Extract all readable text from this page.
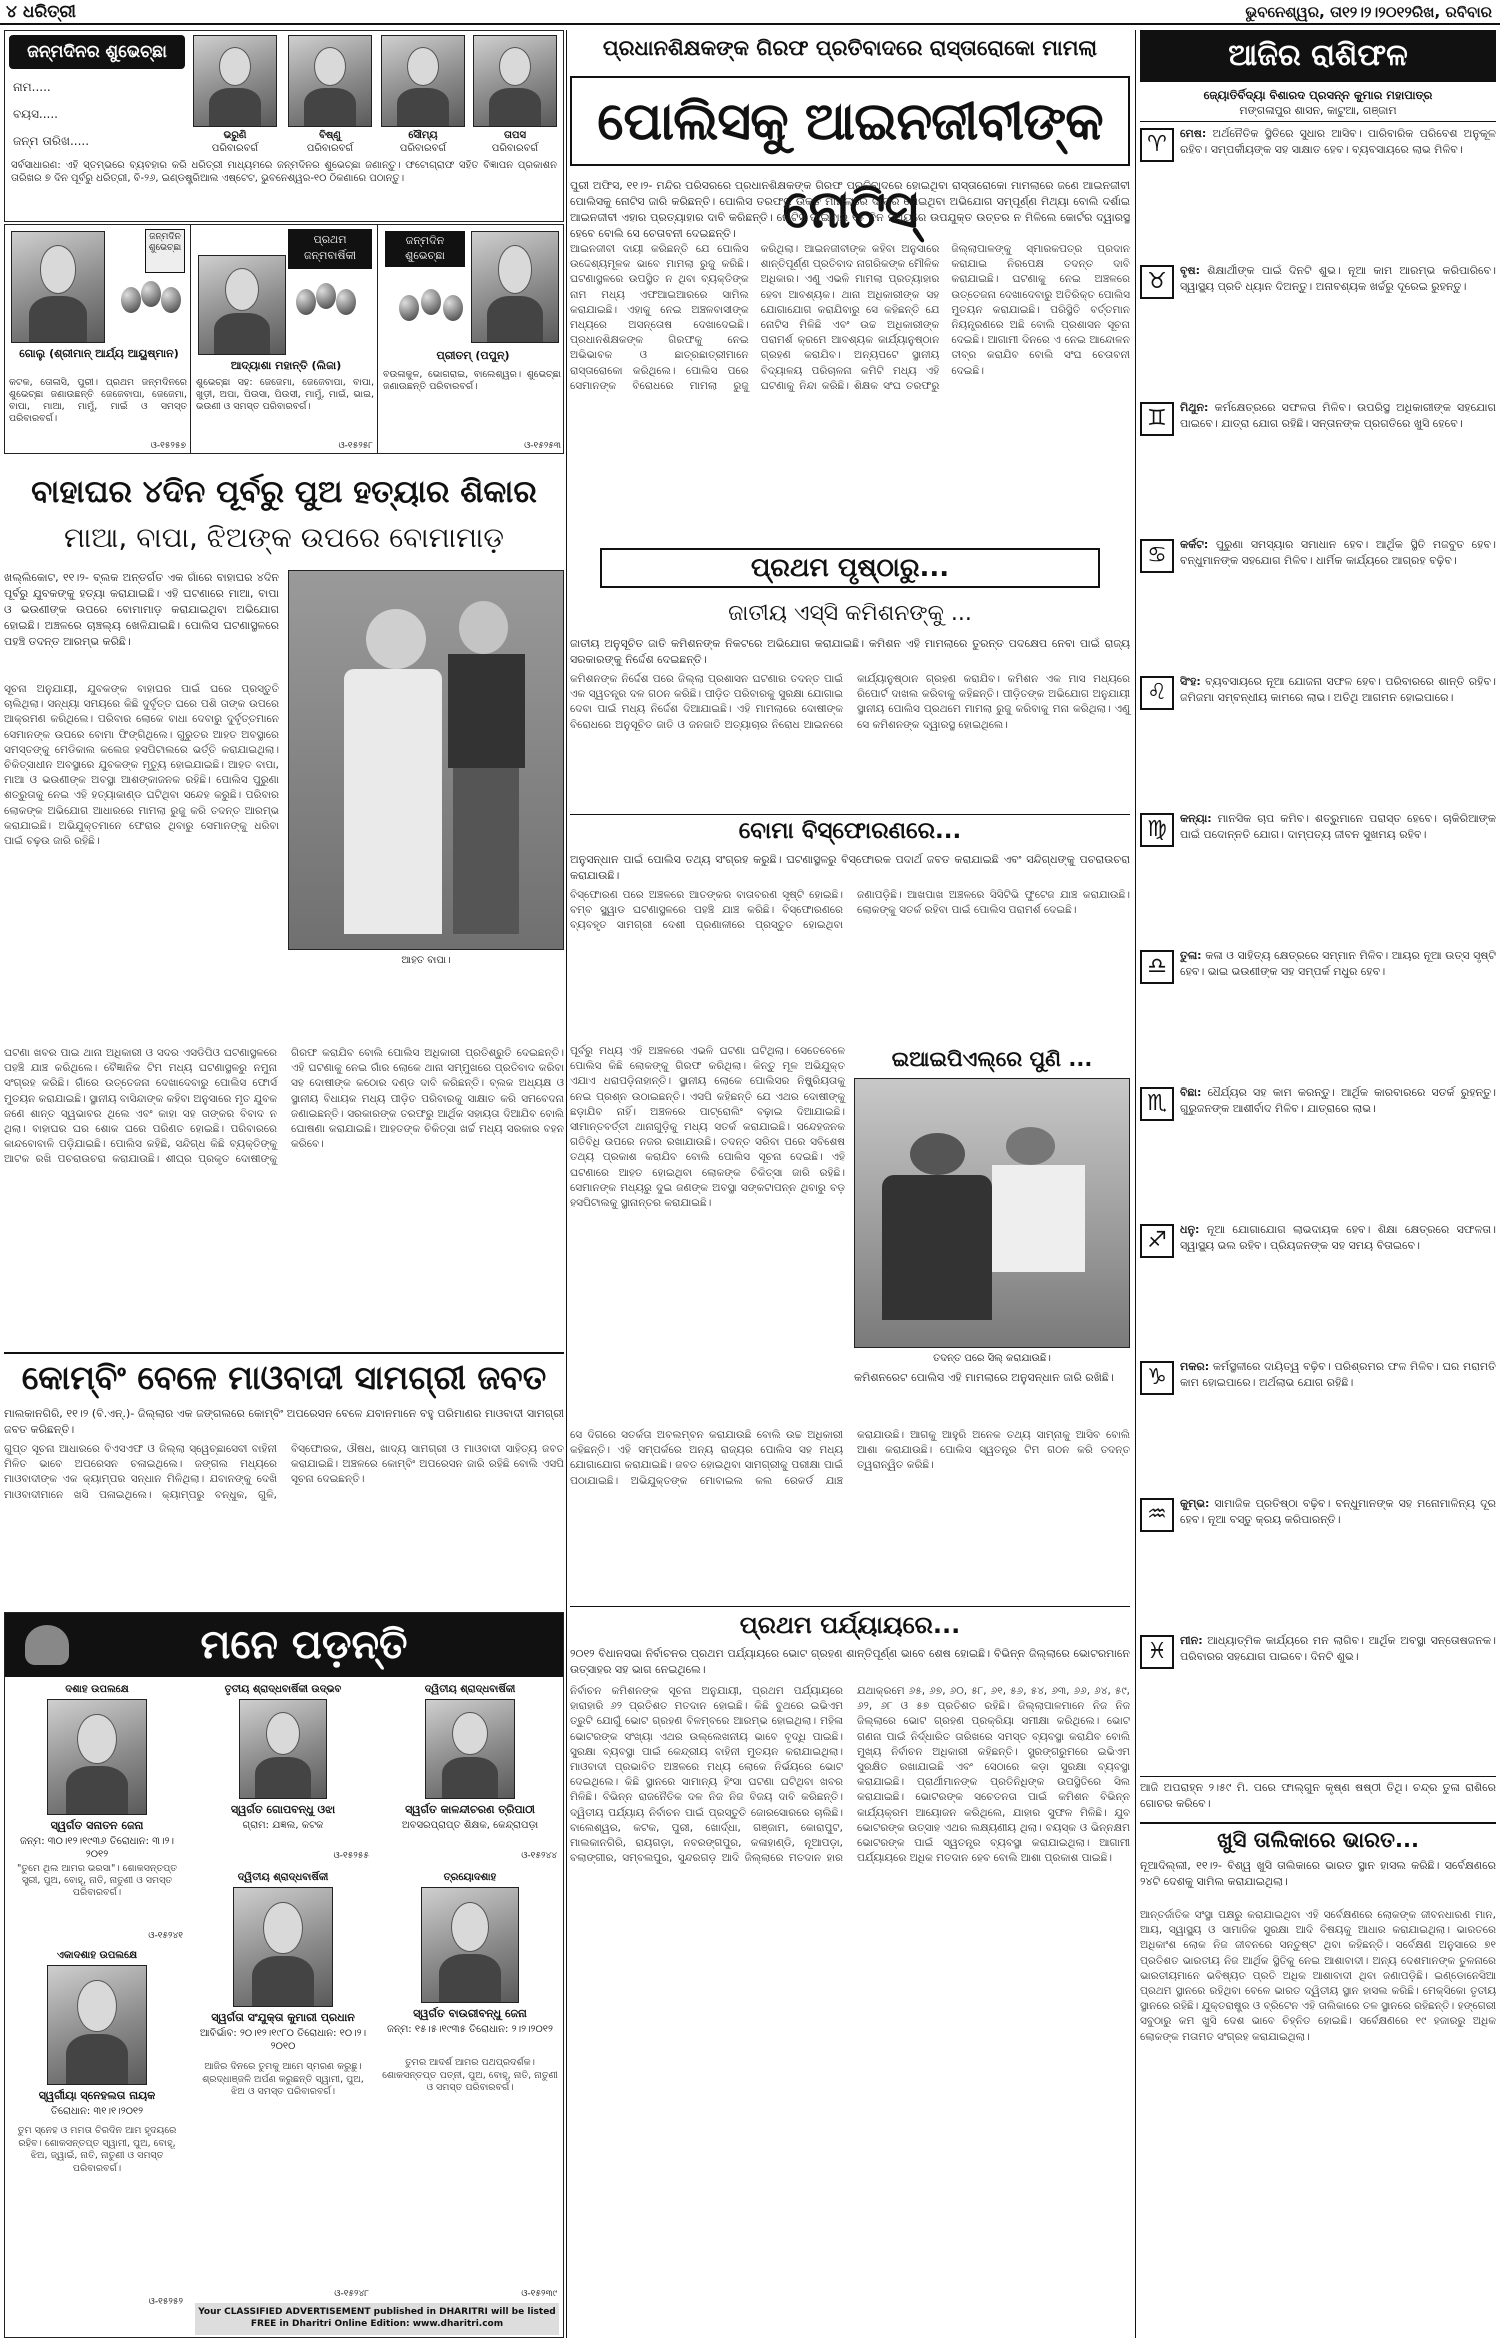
୪ ଧରିତ୍ରୀ	ଭୁବନେଶ୍ୱର, ତା୧୨।୨।୨୦୧୨ରିଖ, ରବିବାର
ଜନ୍ମଦିନର ଶୁଭେଚ୍ଛା
ନାମ.....
ବୟସ.....
ଜନ୍ମ ତାରିଖ.....	ଭରୁଣି
ପରିବାରବର୍ଗ
ବିଷ୍ଣୁ
ପରିବାରବର୍ଗ
ସୌମ୍ୟ
ପରିବାରବର୍ଗ
ତାପସ
ପରିବାରବର୍ଗ
ସର୍ବସାଧାରଣ: ଏହି ସ୍ତମ୍ଭରେ ବ୍ୟବହାର କରି ଧରିତ୍ରୀ ମାଧ୍ୟମରେ ଜନ୍ମଦିନର ଶୁଭେଚ୍ଛା ଜଣାନ୍ତୁ। ଫଟୋଗ୍ରାଫ ସହିତ ବିଜ୍ଞାପନ ପ୍ରକାଶନ ତାରିଖର ୭ ଦିନ ପୂର୍ବରୁ ଧରିତ୍ରୀ, ବି-୨୬, ଇଣ୍ଡଷ୍ଟ୍ରିଆଲ ଏଷ୍ଟେଟ, ଭୁବନେଶ୍ୱର-୧୦ ଠିକଣାରେ ପଠାନ୍ତୁ।
ଜନ୍ମଦିନ ଶୁଭେଚ୍ଛା
ଗୋଲୁ (ଶ୍ରୀମାନ୍ ଆର୍ଯ୍ୟ ଆୟୁଷ୍ମାନ)
କଟକ, ତୋଳାସି, ପୁରୀ। ପ୍ରଥମ ଜନ୍ମଦିନରେ ଶୁଭେଚ୍ଛା ଜଣାଉଛନ୍ତି ଜେଜେବାପା, ଜେଜେମା, ବାପା, ମାଆ, ମାମୁଁ, ମାଇଁ ଓ ସମସ୍ତ ପରିବାରବର୍ଗ।
ଓ-୧୫୨୫୭
ପ୍ରଥମ ଜନ୍ମବାର୍ଷିକୀ
ଆଦ୍ୟାଶା ମହାନ୍ତି (ଲିଜା)
ଶୁଭେଚ୍ଛା ସହ: ଜେଜେମା, ଜେଜେବାପା, ବାପା, ଖୁଡ଼ୀ, ଅପା, ପିଉସା, ପିଉସୀ, ମାମୁଁ, ମାଇଁ, ଭାଇ, ଭଉଣୀ ଓ ସମସ୍ତ ପରିବାରବର୍ଗ।
ଓ-୧୫୨୫୮
ଜନ୍ମଦିନ ଶୁଭେଚ୍ଛା
ପ୍ରୀତମ୍ (ପପୁନ୍)
ବଉଳାକୁଳ, ଭୋଗରାଇ, ବାଲେଶ୍ୱର। ଶୁଭେଚ୍ଛା ଜଣାଉଛନ୍ତି ପରିବାରବର୍ଗ।
ଓ-୧୫୨୫୩
ପ୍ରଧାନଶିକ୍ଷକଙ୍କ ଗିରଫ ପ୍ରତିବାଦରେ ରାସ୍ତାରୋକୋ ମାମଲା
ପୋଲିସକୁ ଆଇନଜୀବୀଙ୍କ ନୋଟିସ୍
ପୁରୀ ଅଫିସ, ୧୧।୨- ମନ୍ଦିର ପରିସରରେ ପ୍ରଧାନଶିକ୍ଷକଙ୍କ ଗିରଫ ପ୍ରତିବାଦରେ ହୋଇଥିବା ରାସ୍ତାରୋକୋ ମାମଲାରେ ଜଣେ ଆଇନଜୀବୀ ପୋଲିସକୁ ନୋଟିସ ଜାରି କରିଛନ୍ତି। ପୋଲିସ ତରଫରୁ ଉକ୍ତ ମାମଲାରେ ଦାୟର ହୋଇଥିବା ଅଭିଯୋଗ ସମ୍ପୂର୍ଣ୍ଣ ମିଥ୍ୟା ବୋଲି ଦର୍ଶାଇ ଆଇନଜୀବୀ ଏହାର ପ୍ରତ୍ୟାହାର ଦାବି କରିଛନ୍ତି। ନୋଟିସ ପାଇବାର ୧୫ ଦିନ ମଧ୍ୟରେ ଉପଯୁକ୍ତ ଉତ୍ତର ନ ମିଳିଲେ କୋର୍ଟର ଦ୍ୱାରସ୍ଥ ହେବେ ବୋଲି ସେ ଚେତାବନୀ ଦେଇଛନ୍ତି।
ଆଇନଜୀବୀ ଦାୟୀ କରିଛନ୍ତି ଯେ ପୋଲିସ ଉଦ୍ଦେଶ୍ୟମୂଳକ ଭାବେ ମାମଲା ରୁଜୁ କରିଛି। ଘଟଣାସ୍ଥଳରେ ଉପସ୍ଥିତ ନ ଥିବା ବ୍ୟକ୍ତିଙ୍କ ନାମ ମଧ୍ୟ ଏଫଆଇଆରରେ ସାମିଲ କରାଯାଇଛି। ଏହାକୁ ନେଇ ଅଞ୍ଚଳବାସୀଙ୍କ ମଧ୍ୟରେ ଅସନ୍ତୋଷ ଦେଖାଦେଇଛି। ପ୍ରଧାନଶିକ୍ଷକଙ୍କ ଗିରଫକୁ ନେଇ ଅଭିଭାବକ ଓ ଛାତ୍ରଛାତ୍ରୀମାନେ ରାସ୍ତାରୋକୋ କରିଥିଲେ। ପୋଲିସ ପରେ ସେମାନଙ୍କ ବିରୋଧରେ ମାମଲା ରୁଜୁ କରିଥିଲା। ଆଇନଜୀବୀଙ୍କ କହିବା ଅନୁସାରେ ଶାନ୍ତିପୂର୍ଣ୍ଣ ପ୍ରତିବାଦ ନାଗରିକଙ୍କ ମୌଳିକ ଅଧିକାର। ଏଣୁ ଏଭଳି ମାମଲା ପ୍ରତ୍ୟାହାର ହେବା ଆବଶ୍ୟକ। ଥାନା ଅଧିକାରୀଙ୍କ ସହ ଯୋଗାଯୋଗ କରାଯିବାରୁ ସେ କହିଛନ୍ତି ଯେ ନୋଟିସ ମିଳିଛି ଏବଂ ଉଚ୍ଚ ଅଧିକାରୀଙ୍କ ପରାମର୍ଶ କ୍ରମେ ଆବଶ୍ୟକ କାର୍ଯ୍ୟାନୁଷ୍ଠାନ ଗ୍ରହଣ କରାଯିବ। ଅନ୍ୟପଟେ ସ୍ଥାନୀୟ ବିଦ୍ୟାଳୟ ପରିଚାଳନା କମିଟି ମଧ୍ୟ ଏହି ଘଟଣାକୁ ନିନ୍ଦା କରିଛି। ଶିକ୍ଷକ ସଂଘ ତରଫରୁ ଜିଲ୍ଲାପାଳଙ୍କୁ ସ୍ମାରକପତ୍ର ପ୍ରଦାନ କରାଯାଇ ନିରପେକ୍ଷ ତଦନ୍ତ ଦାବି କରାଯାଇଛି। ଘଟଣାକୁ ନେଇ ଅଞ୍ଚଳରେ ଉତ୍ତେଜନା ଦେଖାଦେବାରୁ ଅତିରିକ୍ତ ପୋଲିସ ମୁତୟନ କରାଯାଇଛି। ପରିସ୍ଥିତି ବର୍ତ୍ତମାନ ନିୟନ୍ତ୍ରଣରେ ଅଛି ବୋଲି ପ୍ରଶାସନ ସୂଚନା ଦେଇଛି। ଆଗାମୀ ଦିନରେ ଏ ନେଇ ଆନ୍ଦୋଳନ ତୀବ୍ର କରାଯିବ ବୋଲି ସଂଘ ଚେତାବନୀ ଦେଇଛି।
ଆଜିର ରାଶିଫଳ
ଜ୍ୟୋତିର୍ବିଦ୍ୟା ବିଶାରଦ ପ୍ରସନ୍ନ କୁମାର ମହାପାତ୍ର
ମଙ୍ଗଳାପୁର ଶାସନ, କାଟୁଆ, ଗଞ୍ଜାମ
♈	ମେଷ: ଅର୍ଥନୈତିକ ସ୍ଥିତିରେ ସୁଧାର ଆସିବ। ପାରିବାରିକ ପରିବେଶ ଅନୁକୂଳ ରହିବ। ସମ୍ପର୍କୀୟଙ୍କ ସହ ସାକ୍ଷାତ ହେବ। ବ୍ୟବସାୟରେ ଲାଭ ମିଳିବ।
♉	ବୃଷ: ଶିକ୍ଷାର୍ଥୀଙ୍କ ପାଇଁ ଦିନଟି ଶୁଭ। ନୂଆ କାମ ଆରମ୍ଭ କରିପାରିବେ। ସ୍ୱାସ୍ଥ୍ୟ ପ୍ରତି ଧ୍ୟାନ ଦିଅନ୍ତୁ। ଅନାବଶ୍ୟକ ଖର୍ଚ୍ଚରୁ ଦୂରେଇ ରୁହନ୍ତୁ।
♊	ମିଥୁନ: କର୍ମକ୍ଷେତ୍ରରେ ସଫଳତା ମିଳିବ। ଉପରିସ୍ଥ ଅଧିକାରୀଙ୍କ ସହଯୋଗ ପାଇବେ। ଯାତ୍ରା ଯୋଗ ରହିଛି। ସନ୍ତାନଙ୍କ ପ୍ରଗତିରେ ଖୁସି ହେବେ।
♋	କର୍କଟ: ପୁରୁଣା ସମସ୍ୟାର ସମାଧାନ ହେବ। ଆର୍ଥିକ ସ୍ଥିତି ମଜବୁତ ହେବ। ବନ୍ଧୁମାନଙ୍କ ସହଯୋଗ ମିଳିବ। ଧାର୍ମିକ କାର୍ଯ୍ୟରେ ଆଗ୍ରହ ବଢ଼ିବ।
♌	ସିଂହ: ବ୍ୟବସାୟରେ ନୂଆ ଯୋଜନା ସଫଳ ହେବ। ପରିବାରରେ ଶାନ୍ତି ରହିବ। ଜମିଜମା ସମ୍ବନ୍ଧୀୟ କାମରେ ଲାଭ। ଅତିଥି ଆଗମନ ହୋଇପାରେ।
♍	କନ୍ୟା: ମାନସିକ ଚାପ କମିବ। ଶତ୍ରୁମାନେ ପରାସ୍ତ ହେବେ। ଚାକିରିଆଙ୍କ ପାଇଁ ପଦୋନ୍ନତି ଯୋଗ। ଦାମ୍ପତ୍ୟ ଜୀବନ ସୁଖମୟ ରହିବ।
♎	ତୁଳା: କଳା ଓ ସାହିତ୍ୟ କ୍ଷେତ୍ରରେ ସମ୍ମାନ ମିଳିବ। ଆୟର ନୂଆ ଉତ୍ସ ସୃଷ୍ଟି ହେବ। ଭାଇ ଭଉଣୀଙ୍କ ସହ ସମ୍ପର୍କ ମଧୁର ହେବ।
♏	ବିଛା: ଧୈର୍ଯ୍ୟର ସହ କାମ କରନ୍ତୁ। ଆର୍ଥିକ କାରବାରରେ ସତର୍କ ରୁହନ୍ତୁ। ଗୁରୁଜନଙ୍କ ଆଶୀର୍ବାଦ ମିଳିବ। ଯାତ୍ରାରେ ଲାଭ।
♐	ଧନୁ: ନୂଆ ଯୋଗାଯୋଗ ଲାଭଦାୟକ ହେବ। ଶିକ୍ଷା କ୍ଷେତ୍ରରେ ସଫଳତା। ସ୍ୱାସ୍ଥ୍ୟ ଭଲ ରହିବ। ପ୍ରିୟଜନଙ୍କ ସହ ସମୟ ବିତାଇବେ।
♑	ମକର: କର୍ମସ୍ଥଳୀରେ ଦାୟିତ୍ୱ ବଢ଼ିବ। ପରିଶ୍ରମର ଫଳ ମିଳିବ। ଘର ମରାମତି କାମ ହୋଇପାରେ। ଅର୍ଥଲାଭ ଯୋଗ ରହିଛି।
♒	କୁମ୍ଭ: ସାମାଜିକ ପ୍ରତିଷ୍ଠା ବଢ଼ିବ। ବନ୍ଧୁମାନଙ୍କ ସହ ମନୋମାଳିନ୍ୟ ଦୂର ହେବ। ନୂଆ ବସ୍ତୁ କ୍ରୟ କରିପାରନ୍ତି।
♓	ମୀନ: ଆଧ୍ୟାତ୍ମିକ କାର୍ଯ୍ୟରେ ମନ ଲାଗିବ। ଆର୍ଥିକ ଅବସ୍ଥା ସନ୍ତୋଷଜନକ। ପରିବାରର ସହଯୋଗ ପାଇବେ। ଦିନଟି ଶୁଭ।
ଆଜି ଅପରାହ୍ନ ୨।୫୯ ମି. ପରେ ଫାଲ୍ଗୁନ କୃଷ୍ଣ ଷଷ୍ଠୀ ତିଥି। ଚନ୍ଦ୍ର ତୁଳା ରାଶିରେ ଗୋଚର କରିବେ।
ବାହାଘର ୪ଦିନ ପୂର୍ବରୁ ପୁଅ ହତ୍ୟାର ଶିକାର
ମାଆ, ବାପା, ଝିଅଙ୍କ ଉପରେ ବୋମାମାଡ଼
ଖଲ୍ଲିକୋଟ, ୧୧।୨- ବ୍ଲକ ଅନ୍ତର୍ଗତ ଏକ ଗାଁରେ ବାହାଘର ୪ଦିନ ପୂର୍ବରୁ ଯୁବକଙ୍କୁ ହତ୍ୟା କରାଯାଇଛି। ଏହି ଘଟଣାରେ ମାଆ, ବାପା ଓ ଭଉଣୀଙ୍କ ଉପରେ ବୋମାମାଡ଼ କରାଯାଇଥିବା ଅଭିଯୋଗ ହୋଇଛି। ଅଞ୍ଚଳରେ ଚାଞ୍ଚଲ୍ୟ ଖେଳିଯାଇଛି। ପୋଲିସ ଘଟଣାସ୍ଥଳରେ ପହଞ୍ଚି ତଦନ୍ତ ଆରମ୍ଭ କରିଛି।
ସୂଚନା ଅନୁଯାୟୀ, ଯୁବକଙ୍କ ବାହାଘର ପାଇଁ ଘରେ ପ୍ରସ୍ତୁତି ଚାଲିଥିଲା। ସନ୍ଧ୍ୟା ସମୟରେ କିଛି ଦୁର୍ବୃତ୍ତ ଘରେ ପଶି ତାଙ୍କ ଉପରେ ଆକ୍ରମଣ କରିଥିଲେ। ପରିବାର ଲୋକେ ବାଧା ଦେବାରୁ ଦୁର୍ବୃତ୍ତମାନେ ସେମାନଙ୍କ ଉପରେ ବୋମା ଫିଙ୍ଗିଥିଲେ। ଗୁରୁତର ଆହତ ଅବସ୍ଥାରେ ସମସ୍ତଙ୍କୁ ମେଡିକାଲ କଲେଜ ହସପିଟାଲରେ ଭର୍ତ୍ତି କରାଯାଇଥିଲା। ଚିକିତ୍ସାଧୀନ ଅବସ୍ଥାରେ ଯୁବକଙ୍କ ମୃତ୍ୟୁ ହୋଇଯାଇଛି। ଆହତ ବାପା, ମାଆ ଓ ଭଉଣୀଙ୍କ ଅବସ୍ଥା ଆଶଙ୍କାଜନକ ରହିଛି। ପୋଲିସ ପୁରୁଣା ଶତ୍ରୁତାକୁ ନେଇ ଏହି ହତ୍ୟାକାଣ୍ଡ ଘଟିଥିବା ସନ୍ଦେହ କରୁଛି। ପରିବାର ଲୋକଙ୍କ ଅଭିଯୋଗ ଆଧାରରେ ମାମଲା ରୁଜୁ କରି ତଦନ୍ତ ଆରମ୍ଭ କରାଯାଇଛି। ଅଭିଯୁକ୍ତମାନେ ଫେରାର ଥିବାରୁ ସେମାନଙ୍କୁ ଧରିବା ପାଇଁ ଚଢ଼ଉ ଜାରି ରହିଛି।
ଆହତ ବାପା।
ଘଟଣା ଖବର ପାଇ ଥାନା ଅଧିକାରୀ ଓ ସଦର ଏସଡିପିଓ ଘଟଣାସ୍ଥଳରେ ପହଞ୍ଚି ଯାଞ୍ଚ କରିଥିଲେ। ବୈଜ୍ଞାନିକ ଟିମ ମଧ୍ୟ ଘଟଣାସ୍ଥଳରୁ ନମୁନା ସଂଗ୍ରହ କରିଛି। ଗାଁରେ ଉତ୍ତେଜନା ଦେଖାଦେବାରୁ ପୋଲିସ ଫୋର୍ସ ମୁତୟନ କରାଯାଇଛି। ସ୍ଥାନୀୟ ବାସିନ୍ଦାଙ୍କ କହିବା ଅନୁସାରେ ମୃତ ଯୁବକ ଜଣେ ଶାନ୍ତ ସ୍ୱଭାବର ଥିଲେ ଏବଂ କାହା ସହ ତାଙ୍କର ବିବାଦ ନ ଥିଲା। ବାହାଘର ଘର ଶୋକ ଘରେ ପରିଣତ ହୋଇଛି। ପରିବାରରେ କାନ୍ଦବୋବାଳି ପଡ଼ିଯାଇଛି। ପୋଲିସ କହିଛି, ସନ୍ଦିଗ୍ଧ କିଛି ବ୍ୟକ୍ତିଙ୍କୁ ଆଟକ ରଖି ପଚରାଉଚରା କରାଯାଉଛି। ଶୀଘ୍ର ପ୍ରକୃତ ଦୋଷୀଙ୍କୁ ଗିରଫ କରାଯିବ ବୋଲି ପୋଲିସ ଅଧିକାରୀ ପ୍ରତିଶ୍ରୁତି ଦେଇଛନ୍ତି। ଏହି ଘଟଣାକୁ ନେଇ ଗାଁର ଲୋକେ ଥାନା ସମ୍ମୁଖରେ ପ୍ରତିବାଦ କରିବା ସହ ଦୋଷୀଙ୍କ କଠୋର ଦଣ୍ଡ ଦାବି କରିଛନ୍ତି। ବ୍ଲକ ଅଧ୍ୟକ୍ଷ ଓ ସ୍ଥାନୀୟ ବିଧାୟକ ମଧ୍ୟ ପୀଡ଼ିତ ପରିବାରକୁ ସାକ୍ଷାତ କରି ସମବେଦନା ଜଣାଇଛନ୍ତି। ସରକାରଙ୍କ ତରଫରୁ ଆର୍ଥିକ ସହାୟତା ଦିଆଯିବ ବୋଲି ଘୋଷଣା କରାଯାଇଛି। ଆହତଙ୍କ ଚିକିତ୍ସା ଖର୍ଚ୍ଚ ମଧ୍ୟ ସରକାର ବହନ କରିବେ।
ପ୍ରଥମ ପୃଷ୍ଠାରୁ...
ଜାତୀୟ ଏସ୍‌ସି କମିଶନଙ୍କୁ ...
ଜାତୀୟ ଅନୁସୂଚିତ ଜାତି କମିଶନଙ୍କ ନିକଟରେ ଅଭିଯୋଗ କରାଯାଇଛି। କମିଶନ ଏହି ମାମଲାରେ ତୁରନ୍ତ ପଦକ୍ଷେପ ନେବା ପାଇଁ ରାଜ୍ୟ ସରକାରଙ୍କୁ ନିର୍ଦ୍ଦେଶ ଦେଇଛନ୍ତି।
କମିଶନଙ୍କ ନିର୍ଦ୍ଦେଶ ପରେ ଜିଲ୍ଲା ପ୍ରଶାସନ ଘଟଣାର ତଦନ୍ତ ପାଇଁ ଏକ ସ୍ୱତନ୍ତ୍ର ଦଳ ଗଠନ କରିଛି। ପୀଡ଼ିତ ପରିବାରକୁ ସୁରକ୍ଷା ଯୋଗାଇ ଦେବା ପାଇଁ ମଧ୍ୟ ନିର୍ଦ୍ଦେଶ ଦିଆଯାଇଛି। ଏହି ମାମଲାରେ ଦୋଷୀଙ୍କ ବିରୋଧରେ ଅନୁସୂଚିତ ଜାତି ଓ ଜନଜାତି ଅତ୍ୟାଚାର ନିରୋଧ ଆଇନରେ କାର୍ଯ୍ୟାନୁଷ୍ଠାନ ଗ୍ରହଣ କରାଯିବ। କମିଶନ ଏକ ମାସ ମଧ୍ୟରେ ରିପୋର୍ଟ ଦାଖଲ କରିବାକୁ କହିଛନ୍ତି। ପୀଡ଼ିତଙ୍କ ଅଭିଯୋଗ ଅନୁଯାୟୀ ସ୍ଥାନୀୟ ପୋଲିସ ପ୍ରଥମେ ମାମଲା ରୁଜୁ କରିବାକୁ ମନା କରିଥିଲା। ଏଣୁ ସେ କମିଶନଙ୍କ ଦ୍ୱାରସ୍ଥ ହୋଇଥିଲେ।
ବୋମା ବିସ୍ଫୋରଣରେ...
ଅନୁସନ୍ଧାନ ପାଇଁ ପୋଲିସ ତଥ୍ୟ ସଂଗ୍ରହ କରୁଛି। ଘଟଣାସ୍ଥଳରୁ ବିସ୍ଫୋରକ ପଦାର୍ଥ ଜବତ କରାଯାଇଛି ଏବଂ ସନ୍ଦିଗ୍ଧଙ୍କୁ ପଚରାଉଚରା କରାଯାଉଛି।
ବିସ୍ଫୋରଣ ପରେ ଅଞ୍ଚଳରେ ଆତଙ୍କର ବାତାବରଣ ସୃଷ୍ଟି ହୋଇଛି। ବମ୍ବ ସ୍କ୍ୱାଡ ଘଟଣାସ୍ଥଳରେ ପହଞ୍ଚି ଯାଞ୍ଚ କରିଛି। ବିସ୍ଫୋରଣରେ ବ୍ୟବହୃତ ସାମଗ୍ରୀ ଦେଶୀ ପ୍ରଣାଳୀରେ ପ୍ରସ୍ତୁତ ହୋଇଥିବା ଜଣାପଡ଼ିଛି। ଆଖପାଖ ଅଞ୍ଚଳରେ ସିସିଟିଭି ଫୁଟେଜ ଯାଞ୍ଚ କରାଯାଉଛି। ଲୋକଙ୍କୁ ସତର୍କ ରହିବା ପାଇଁ ପୋଲିସ ପରାମର୍ଶ ଦେଇଛି।
ପୂର୍ବରୁ ମଧ୍ୟ ଏହି ଅଞ୍ଚଳରେ ଏଭଳି ଘଟଣା ଘଟିଥିଲା। ସେତେବେଳେ ପୋଲିସ କିଛି ଲୋକଙ୍କୁ ଗିରଫ କରିଥିଲା। କିନ୍ତୁ ମୂଳ ଅଭିଯୁକ୍ତ ଏଯାଏ ଧରାପଡ଼ିନାହାନ୍ତି। ସ୍ଥାନୀୟ ଲୋକେ ପୋଲିସର ନିଷ୍କ୍ରିୟତାକୁ ନେଇ ପ୍ରଶ୍ନ ଉଠାଇଛନ୍ତି। ଏସପି କହିଛନ୍ତି ଯେ ଏଥର ଦୋଷୀଙ୍କୁ ଛଡ଼ାଯିବ ନାହିଁ। ଅଞ୍ଚଳରେ ପାଟ୍ରୋଲିଂ ବଢ଼ାଇ ଦିଆଯାଇଛି। ସୀମାନ୍ତବର୍ତ୍ତୀ ଥାନାଗୁଡ଼ିକୁ ମଧ୍ୟ ସତର୍କ କରାଯାଇଛି। ସନ୍ଦେହଜନକ ଗତିବିଧି ଉପରେ ନଜର ରଖାଯାଉଛି। ତଦନ୍ତ ସରିବା ପରେ ସବିଶେଷ ତଥ୍ୟ ପ୍ରକାଶ କରାଯିବ ବୋଲି ପୋଲିସ ସୂଚନା ଦେଇଛି। ଏହି ଘଟଣାରେ ଆହତ ହୋଇଥିବା ଲୋକଙ୍କ ଚିକିତ୍ସା ଜାରି ରହିଛି। ସେମାନଙ୍କ ମଧ୍ୟରୁ ଦୁଇ ଜଣଙ୍କ ଅବସ୍ଥା ସଙ୍କଟାପନ୍ନ ଥିବାରୁ ବଡ଼ ହସପିଟାଲକୁ ସ୍ଥାନାନ୍ତର କରାଯାଇଛି।
ଇଆଇପିଏଲ୍‌ରେ ପୁଣି ...
ତଦନ୍ତ ପରେ ସିଲ୍ କରାଯାଉଛି।
କମିଶନରେଟ ପୋଲିସ ଏହି ମାମଲାରେ ଅନୁସନ୍ଧାନ ଜାରି ରଖିଛି।
ସେ ଦିଗରେ ସତର୍କତା ଅବଲମ୍ବନ କରାଯାଉଛି ବୋଲି ଉଚ୍ଚ ଅଧିକାରୀ କହିଛନ୍ତି। ଏହି ସମ୍ପର୍କରେ ଅନ୍ୟ ରାଜ୍ୟର ପୋଲିସ ସହ ମଧ୍ୟ ଯୋଗାଯୋଗ କରାଯାଇଛି। ଜବତ ହୋଇଥିବା ସାମଗ୍ରୀକୁ ପରୀକ୍ଷା ପାଇଁ ପଠାଯାଇଛି। ଅଭିଯୁକ୍ତଙ୍କ ମୋବାଇଲ କଲ ରେକର୍ଡ ଯାଞ୍ଚ କରାଯାଉଛି। ଆଗକୁ ଆହୁରି ଅନେକ ତଥ୍ୟ ସାମ୍ନାକୁ ଆସିବ ବୋଲି ଆଶା କରାଯାଉଛି। ପୋଲିସ ସ୍ୱତନ୍ତ୍ର ଟିମ ଗଠନ କରି ତଦନ୍ତ ତ୍ୱରାନ୍ୱିତ କରିଛି।
କୋମ୍ବିଂ ବେଳେ ମାଓବାଦୀ ସାମଗ୍ରୀ ଜବତ
ମାଲକାନଗିରି, ୧୧।୨ (ବି.ଏନ୍.)- ଜିଲ୍ଲାର ଏକ ଜଙ୍ଗଲରେ କୋମ୍ବିଂ ଅପରେସନ ବେଳେ ଯବାନମାନେ ବହୁ ପରିମାଣର ମାଓବାଦୀ ସାମଗ୍ରୀ ଜବତ କରିଛନ୍ତି।
ଗୁପ୍ତ ସୂଚନା ଆଧାରରେ ବିଏସଏଫ ଓ ଜିଲ୍ଲା ସ୍ୱେଚ୍ଛାସେବୀ ବାହିନୀ ମିଳିତ ଭାବେ ଅପରେସନ ଚଳାଇଥିଲେ। ଜଙ୍ଗଲ ମଧ୍ୟରେ ମାଓବାଦୀଙ୍କ ଏକ କ୍ୟାମ୍ପର ସନ୍ଧାନ ମିଳିଥିଲା। ଯବାନଙ୍କୁ ଦେଖି ମାଓବାଦୀମାନେ ଖସି ପଳାଇଥିଲେ। କ୍ୟାମ୍ପରୁ ବନ୍ଧୁକ, ଗୁଳି, ବିସ୍ଫୋରକ, ଔଷଧ, ଖାଦ୍ୟ ସାମଗ୍ରୀ ଓ ମାଓବାଦୀ ସାହିତ୍ୟ ଜବତ କରାଯାଇଛି। ଅଞ୍ଚଳରେ କୋମ୍ବିଂ ଅପରେସନ ଜାରି ରହିଛି ବୋଲି ଏସପି ସୂଚନା ଦେଇଛନ୍ତି।
ମନେ ପଡ଼ନ୍ତି
ଦଶାହ ଉପଲକ୍ଷେ
ସ୍ୱର୍ଗତ ସନାତନ ଜେନା
ଜନ୍ମ: ୩୦।୧୨।୧୯୩୬ ତିରୋଧାନ: ୩।୨।୨୦୧୨
"ତୁମେ ଥିଲ ଆମର ଭରସା"। ଶୋକସନ୍ତପ୍ତ ସ୍ତ୍ରୀ, ପୁଅ, ବୋହୂ, ନାତି, ନାତୁଣୀ ଓ ସମସ୍ତ ପରିବାରବର୍ଗ।
ଓ-୧୫୨୪୧
ତୃତୀୟ ଶ୍ରାଦ୍ଧବାର୍ଷିକୀ ଉଦ୍ଭବ
ସ୍ୱର୍ଗତ ଗୋପବନ୍ଧୁ ଓଝା
ଗ୍ରାମ: ଯଜ୍ଞଲ, କଟକ
ଓ-୧୫୨୫୫
ଦ୍ୱିତୀୟ ଶ୍ରାଦ୍ଧବାର୍ଷିକୀ
ସ୍ୱର୍ଗତ କାଳନ୍ଦୀଚରଣ ତ୍ରିପାଠୀ
ଅବସରପ୍ରାପ୍ତ ଶିକ୍ଷକ, କେନ୍ଦ୍ରାପଡ଼ା
ଓ-୧୫୨୪୪
ଏକାଦଶାହ ଉପଲକ୍ଷେ
ସ୍ୱର୍ଗୀୟା ସ୍ନେହଲତା ନାୟକ
ତିରୋଧାନ: ୩୧।୧।୨୦୧୨
ତୁମ ସ୍ନେହ ଓ ମମତା ଚିରଦିନ ଆମ ହୃଦୟରେ ରହିବ। ଶୋକସନ୍ତପ୍ତ ସ୍ୱାମୀ, ପୁଅ, ବୋହୂ, ଝିଅ, ଜ୍ୱାଇଁ, ନାତି, ନାତୁଣୀ ଓ ସମସ୍ତ ପରିବାରବର୍ଗ।
ଓ-୧୫୨୫୨
ଦ୍ୱିତୀୟ ଶ୍ରାଦ୍ଧବାର୍ଷିକୀ
ସ୍ୱର୍ଗତା ସଂଯୁକ୍ତା କୁମାରୀ ପ୍ରଧାନ
ଆବିର୍ଭାବ: ୨୦।୧୨।୧୯୮୦ ତିରୋଧାନ: ୧୦।୨।୨୦୧୦
ଆଜିର ଦିନରେ ତୁମକୁ ଆମେ ସ୍ମରଣ କରୁଛୁ। ଶ୍ରଦ୍ଧାଞ୍ଜଳି ଅର୍ପଣ କରୁଛନ୍ତି ସ୍ୱାମୀ, ପୁଅ, ଝିଅ ଓ ସମସ୍ତ ପରିବାରବର୍ଗ।
ଓ-୧୫୨୪୮
ତ୍ରୟୋଦଶାହ
ସ୍ୱର୍ଗତ ବାଉରୀବନ୍ଧୁ ଜେନା
ଜନ୍ମ: ୧୫।୫।୧୯୩୫ ତିରୋଧାନ: ୨।୨।୨୦୧୨
ତୁମର ଆଦର୍ଶ ଆମର ପଥପ୍ରଦର୍ଶକ। ଶୋକସନ୍ତପ୍ତ ପତ୍ନୀ, ପୁଅ, ବୋହୂ, ନାତି, ନାତୁଣୀ ଓ ସମସ୍ତ ପରିବାରବର୍ଗ।
ଓ-୧୫୨୩୯
Your CLASSIFIED ADVERTISEMENT published in DHARITRI will be listed FREE in Dharitri Online Edition: www.dharitri.com
ପ୍ରଥମ ପର୍ଯ୍ୟାୟରେ...
୨୦୧୨ ବିଧାନସଭା ନିର୍ବାଚନର ପ୍ରଥମ ପର୍ଯ୍ୟାୟରେ ଭୋଟ ଗ୍ରହଣ ଶାନ୍ତିପୂର୍ଣ୍ଣ ଭାବେ ଶେଷ ହୋଇଛି। ବିଭିନ୍ନ ଜିଲ୍ଲାରେ ଭୋଟରମାନେ ଉତ୍ସାହର ସହ ଭାଗ ନେଇଥିଲେ।
ନିର୍ବାଚନ କମିଶନଙ୍କ ସୂଚନା ଅନୁଯାୟୀ, ପ୍ରଥମ ପର୍ଯ୍ୟାୟରେ ହାରାହାରି ୬୨ ପ୍ରତିଶତ ମତଦାନ ହୋଇଛି। କିଛି ବୁଥରେ ଇଭିଏମ ତ୍ରୁଟି ଯୋଗୁଁ ଭୋଟ ଗ୍ରହଣ ବିଳମ୍ବରେ ଆରମ୍ଭ ହୋଇଥିଲା। ମହିଳା ଭୋଟରଙ୍କ ସଂଖ୍ୟା ଏଥର ଉଲ୍ଲେଖନୀୟ ଭାବେ ବୃଦ୍ଧି ପାଇଛି। ସୁରକ୍ଷା ବ୍ୟବସ୍ଥା ପାଇଁ କେନ୍ଦ୍ରୀୟ ବାହିନୀ ମୁତୟନ କରାଯାଇଥିଲା। ମାଓବାଦୀ ପ୍ରଭାବିତ ଅଞ୍ଚଳରେ ମଧ୍ୟ ଲୋକେ ନିର୍ଭୟରେ ଭୋଟ ଦେଇଥିଲେ। କିଛି ସ୍ଥାନରେ ସାମାନ୍ୟ ହିଂସା ଘଟଣା ଘଟିଥିବା ଖବର ମିଳିଛି। ବିଭିନ୍ନ ରାଜନୈତିକ ଦଳ ନିଜ ନିଜ ବିଜୟ ଦାବି କରିଛନ୍ତି। ଦ୍ୱିତୀୟ ପର୍ଯ୍ୟାୟ ନିର୍ବାଚନ ପାଇଁ ପ୍ରସ୍ତୁତି ଜୋରସୋରରେ ଚାଲିଛି। ବାଲେଶ୍ୱର, କଟକ, ପୁରୀ, ଖୋର୍ଦ୍ଧା, ଗଞ୍ଜାମ, କୋରାପୁଟ, ମାଲକାନଗିରି, ରାୟଗଡ଼ା, ନବରଙ୍ଗପୁର, କଳାହାଣ୍ଡି, ନୂଆପଡ଼ା, ବଲାଙ୍ଗୀର, ସମ୍ବଲପୁର, ସୁନ୍ଦରଗଡ଼ ଆଦି ଜିଲ୍ଲାରେ ମତଦାନ ହାର ଯଥାକ୍ରମେ ୬୫, ୬୭, ୬୦, ୫୮, ୬୧, ୫୬, ୫୪, ୬୩, ୬୬, ୬୪, ୫୯, ୬୨, ୬୮ ଓ ୫୭ ପ୍ରତିଶତ ରହିଛି। ଜିଲ୍ଲାପାଳମାନେ ନିଜ ନିଜ ଜିଲ୍ଲାରେ ଭୋଟ ଗ୍ରହଣ ପ୍ରକ୍ରିୟା ସମୀକ୍ଷା କରିଥିଲେ। ଭୋଟ ଗଣନା ପାଇଁ ନିର୍ଦ୍ଧାରିତ ତାରିଖରେ ସମସ୍ତ ବ୍ୟବସ୍ଥା କରାଯିବ ବୋଲି ମୁଖ୍ୟ ନିର୍ବାଚନ ଅଧିକାରୀ କହିଛନ୍ତି। ସ୍ଟ୍ରଙ୍ଗରୁମରେ ଇଭିଏମ ସୁରକ୍ଷିତ ରଖାଯାଇଛି ଏବଂ ସେଠାରେ କଡ଼ା ସୁରକ୍ଷା ବ୍ୟବସ୍ଥା କରାଯାଇଛି। ପ୍ରାର୍ଥୀମାନଙ୍କ ପ୍ରତିନିଧିଙ୍କ ଉପସ୍ଥିତିରେ ସିଲ କରାଯାଇଛି। ଭୋଟରଙ୍କ ସଚେତନତା ପାଇଁ କମିଶନ ବିଭିନ୍ନ କାର୍ଯ୍ୟକ୍ରମ ଆୟୋଜନ କରିଥିଲେ, ଯାହାର ସୁଫଳ ମିଳିଛି। ଯୁବ ଭୋଟରଙ୍କ ଉତ୍ସାହ ଏଥର ଲକ୍ଷ୍ୟଣୀୟ ଥିଲା। ବୟସ୍କ ଓ ଭିନ୍ନକ୍ଷମ ଭୋଟରଙ୍କ ପାଇଁ ସ୍ୱତନ୍ତ୍ର ବ୍ୟବସ୍ଥା କରାଯାଇଥିଲା। ଆଗାମୀ ପର୍ଯ୍ୟାୟରେ ଅଧିକ ମତଦାନ ହେବ ବୋଲି ଆଶା ପ୍ରକାଶ ପାଇଛି।
ଖୁସି ତାଲିକାରେ ଭାରତ...
ନୂଆଦିଲ୍ଲୀ, ୧୧।୨- ବିଶ୍ୱ ଖୁସି ତାଲିକାରେ ଭାରତ ସ୍ଥାନ ହାସଲ କରିଛି। ସର୍ବେକ୍ଷଣରେ ୨୪ଟି ଦେଶକୁ ସାମିଲ କରାଯାଇଥିଲା।
ଆନ୍ତର୍ଜାତିକ ସଂସ୍ଥା ପକ୍ଷରୁ କରାଯାଇଥିବା ଏହି ସର୍ବେକ୍ଷଣରେ ଲୋକଙ୍କ ଜୀବନଧାରଣ ମାନ, ଆୟ, ସ୍ୱାସ୍ଥ୍ୟ ଓ ସାମାଜିକ ସୁରକ୍ଷା ଆଦି ବିଷୟକୁ ଆଧାର କରାଯାଇଥିଲା। ଭାରତରେ ଅଧିକାଂଶ ଲୋକ ନିଜ ଜୀବନରେ ସନ୍ତୁଷ୍ଟ ଥିବା କହିଛନ୍ତି। ସର୍ବେକ୍ଷଣ ଅନୁସାରେ ୭୧ ପ୍ରତିଶତ ଭାରତୀୟ ନିଜ ଆର୍ଥିକ ସ୍ଥିତିକୁ ନେଇ ଆଶାବାଦୀ। ଅନ୍ୟ ଦେଶମାନଙ୍କ ତୁଳନାରେ ଭାରତୀୟମାନେ ଭବିଷ୍ୟତ ପ୍ରତି ଅଧିକ ଆଶାବାଦୀ ଥିବା ଜଣାପଡ଼ିଛି। ଇଣ୍ଡୋନେସିଆ ପ୍ରଥମ ସ୍ଥାନରେ ରହିଥିବା ବେଳେ ଭାରତ ଦ୍ୱିତୀୟ ସ୍ଥାନ ହାସଲ କରିଛି। ମେକ୍ସିକୋ ତୃତୀୟ ସ୍ଥାନରେ ରହିଛି। ଯୁକ୍ତରାଷ୍ଟ୍ର ଓ ବ୍ରିଟେନ ଏହି ତାଲିକାରେ ତଳ ସ୍ଥାନରେ ରହିଛନ୍ତି। ହଙ୍ଗେରୀ ସବୁଠାରୁ କମ ଖୁସି ଦେଶ ଭାବେ ଚିହ୍ନିତ ହୋଇଛି। ସର୍ବେକ୍ଷଣରେ ୧୯ ହଜାରରୁ ଅଧିକ ଲୋକଙ୍କ ମତାମତ ସଂଗ୍ରହ କରାଯାଇଥିଲା।
